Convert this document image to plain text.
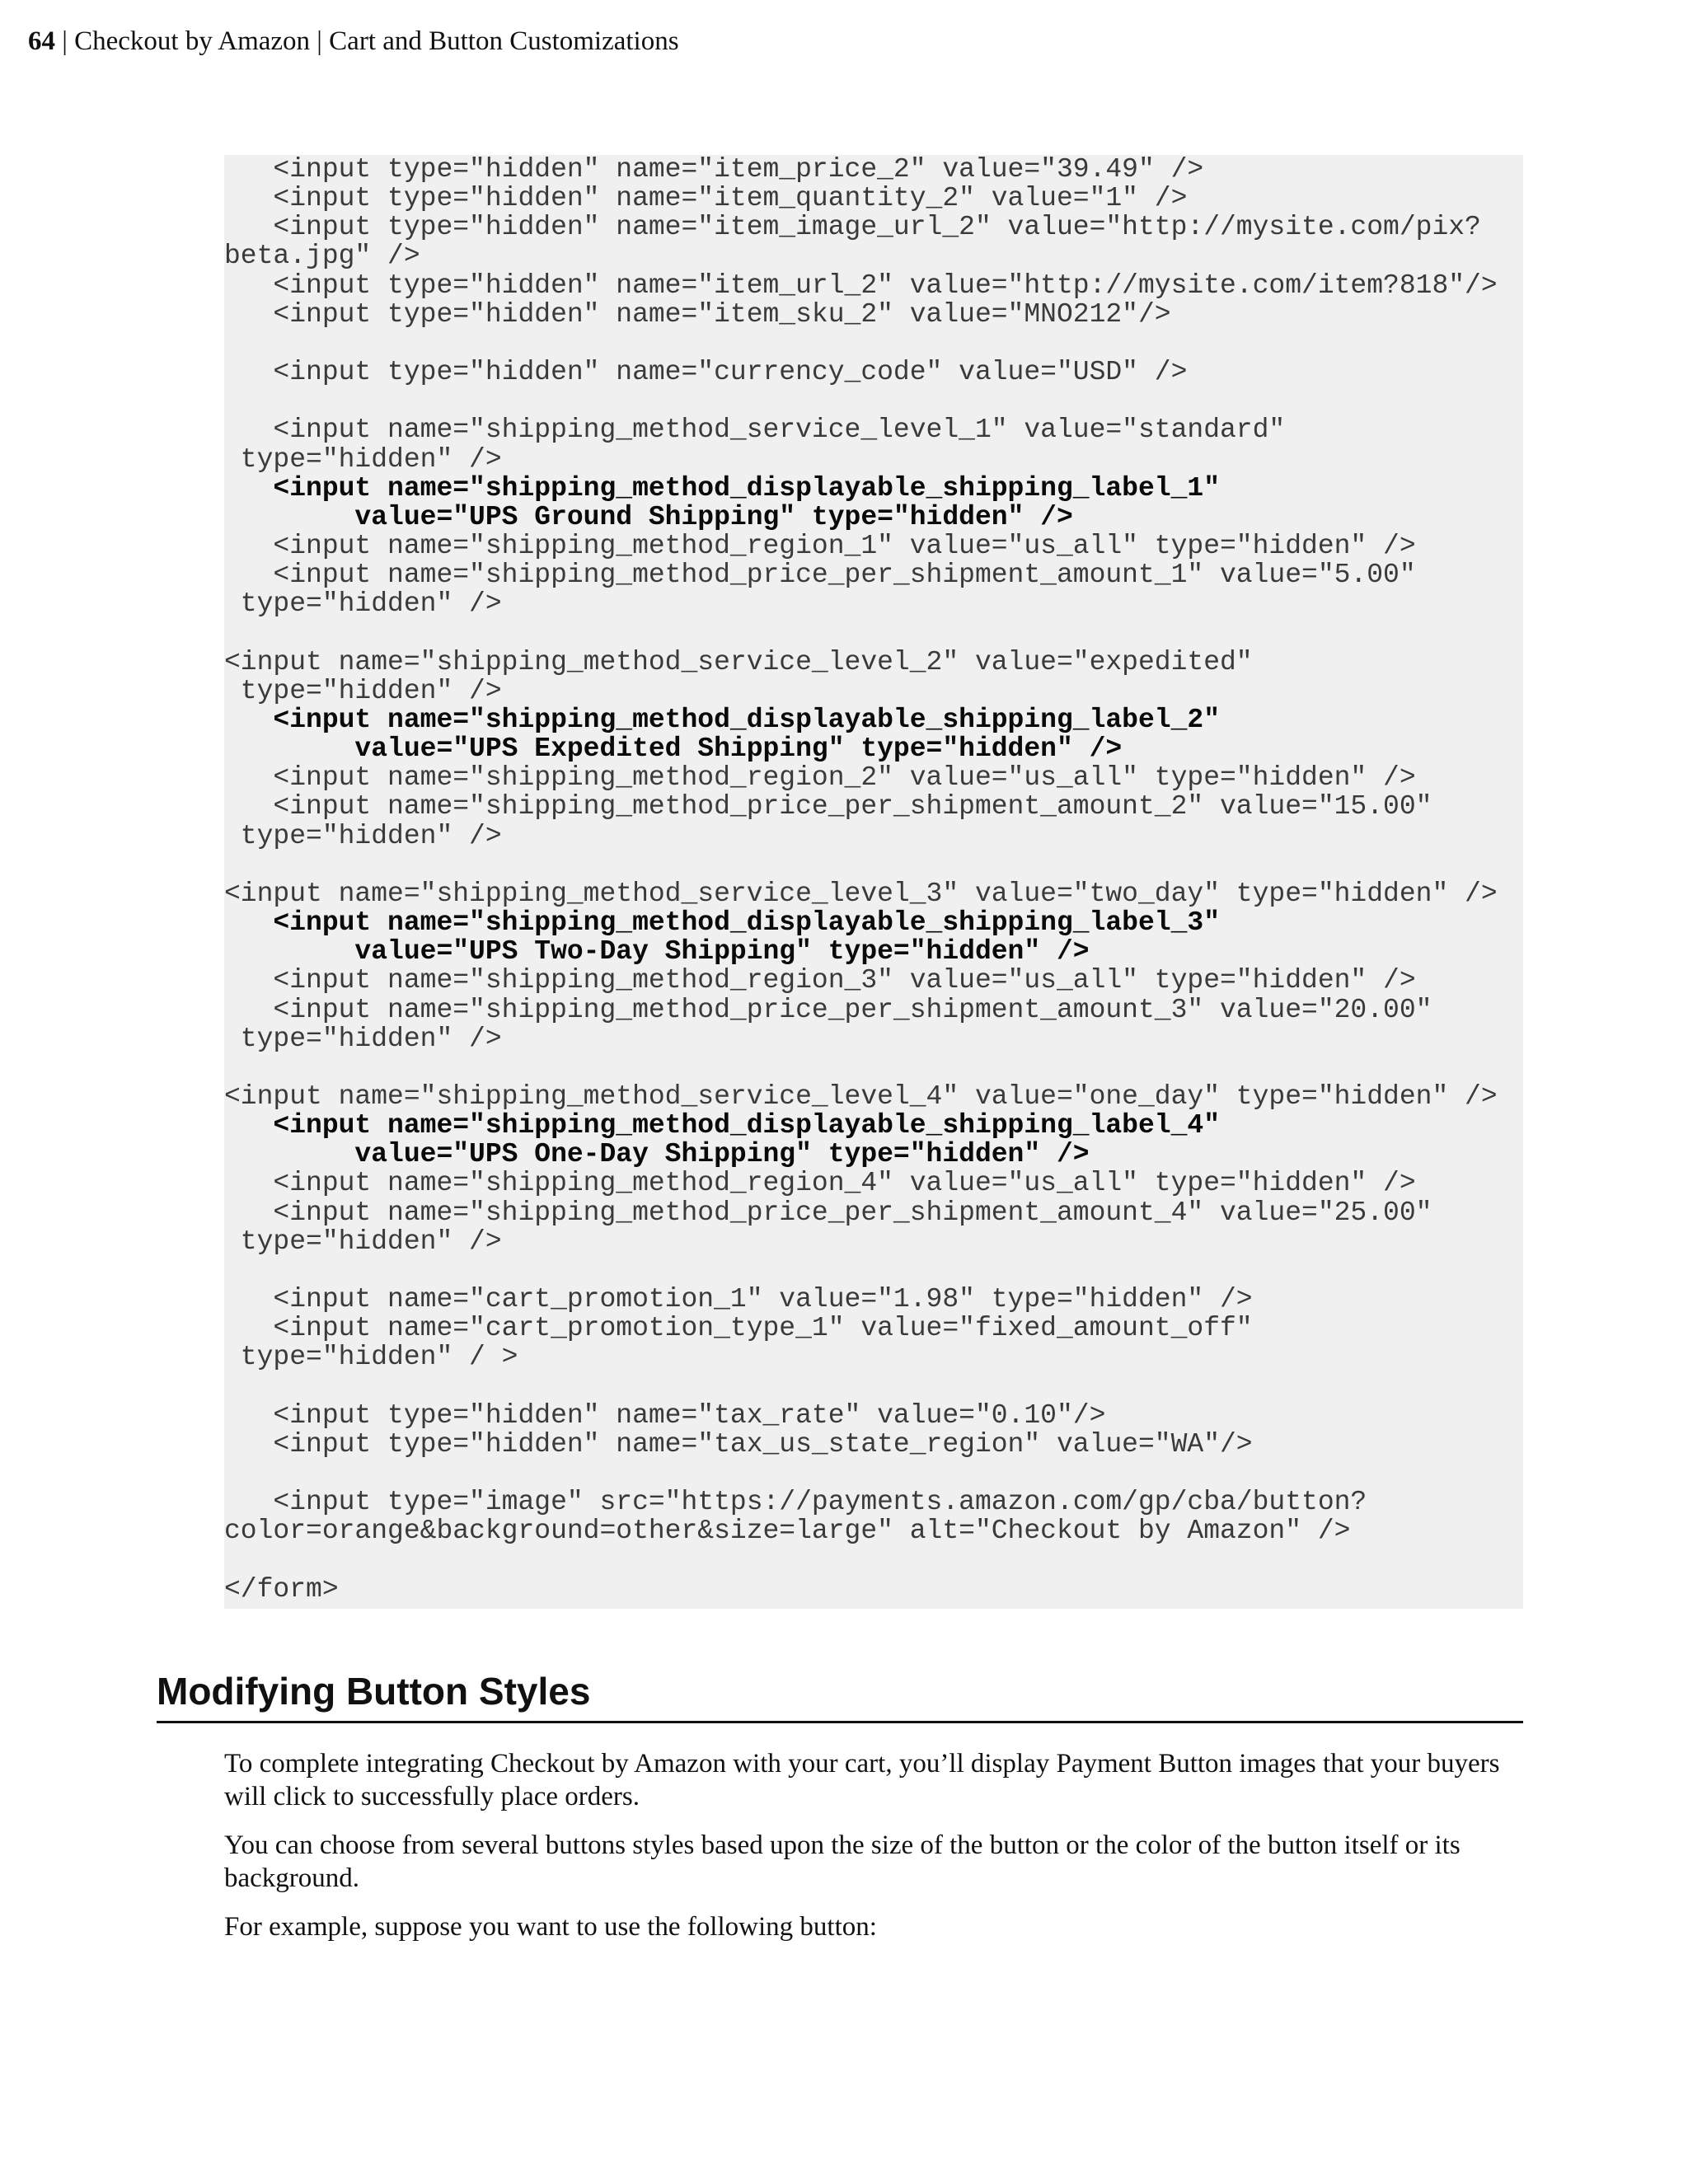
64 | Checkout by Amazon | Cart and Button Customizations
<input type="hidden" name="item_price_2" value="39.49" />
<input type="hidden" name="item_quantity_2" value="1" />
<input type="hidden" name="item_image_url_2" value="http://mysite.com/pix?
beta.jpg" />
<input type="hidden" name="item_url_2" value="http://mysite.com/item?818"/>
<input type="hidden" name="item_sku_2" value="MNO212"/>
<input type="hidden" name="currency_code" value="USD" />
<input name="shipping_method_service_level_1" value="standard"
type="hidden" />
<input name="shipping_method_displayable_shipping_label_1"
value="UPS Ground Shipping" type="hidden" />
<input name="shipping_method_region_1" value="us_all" type="hidden" />
<input name="shipping_method_price_per_shipment_amount_1" value="5.00"
type="hidden" />
<input name="shipping_method_service_level_2" value="expedited"
type="hidden" />
<input name="shipping_method_displayable_shipping_label_2"
value="UPS Expedited Shipping" type="hidden" />
<input name="shipping_method_region_2" value="us_all" type="hidden" />
<input name="shipping_method_price_per_shipment_amount_2" value="15.00"
type="hidden" />
<input name="shipping_method_service_level_3" value="two_day" type="hidden" />
<input name="shipping_method_displayable_shipping_label_3"
value="UPS Two-Day Shipping" type="hidden" />
<input name="shipping_method_region_3" value="us_all" type="hidden" />
<input name="shipping_method_price_per_shipment_amount_3" value="20.00"
type="hidden" />
<input name="shipping_method_service_level_4" value="one_day" type="hidden" />
<input name="shipping_method_displayable_shipping_label_4"
value="UPS One-Day Shipping" type="hidden" />
<input name="shipping_method_region_4" value="us_all" type="hidden" />
<input name="shipping_method_price_per_shipment_amount_4" value="25.00"
type="hidden" />
<input name="cart_promotion_1" value="1.98" type="hidden" />
<input name="cart_promotion_type_1" value="fixed_amount_off"
type="hidden" / >
<input type="hidden" name="tax_rate" value="0.10"/>
<input type="hidden" name="tax_us_state_region" value="WA"/>
<input type="image" src="https://payments.amazon.com/gp/cba/button?
color=orange&background=other&size=large" alt="Checkout by Amazon" />
</form>
Modifying Button Styles

To complete integrating Checkout by Amazon with your cart, you’ll display Payment Button images that your buyers will click to successfully place orders.

You can choose from several buttons styles based upon the size of the button or the color of the button itself or its background.

For example, suppose you want to use the following button:
